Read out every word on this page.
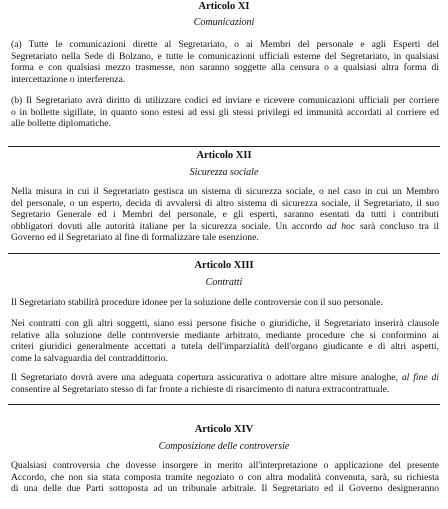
Articolo XI
Comunicazioni
(a) Tutte le comunicazioni dirette al Segretariato, o ai Membri del personale e agli Esperti del
Segretariato nella Sede di Bolzano, e tutte le comunicazioni ufficiali esterne del Segretariato, in qualsiasi
forma e con qualsiasi mezzo trasmesse, non saranno soggette alla censura o a qualsiasi altra forma di
intercettazione o interferenza.
(b) Il Segretariato avrà diritto di utilizzare codici ed inviare e ricevere comunicazioni ufficiali per corriere
o in bollette sigillate, in quanto sono estesi ad essi gli stessi privilegi ed immunità accordati al corriere ed
alle bollette diplomatiche.
Articolo XII
Sicurezza sociale
Nella misura in cui il Segretariato gestisca un sistema di sicurezza sociale, o nel caso in cui un Membro
del personale, o un esperto, decida di avvalersi di altro sistema di sicurezza sociale, il Segretariato, il suo
Segretario Generale ed i Membri del personale, e gli esperti, saranno esentati da tutti i contributi
obbligatori dovuti alle autorità italiane per la sicurezza sociale. Un accordo ad hoc sarà concluso tra il
Governo ed il Segretariato al fine di formalizzare tale esenzione.
Articolo XIII
Contratti
Il Segretariato stabilirà procedure idonee per la soluzione delle controversie con il suo personale.
Nei contratti con gli altri soggetti, siano essi persone fisiche o giuridiche, il Segretariato inserirà clausole
relative alla soluzione delle controversie mediante arbitrato, mediante procedure che si conformino ai
criteri giuridici generalmente accettati a tutela dell'imparzialità dell'organo giudicante e di altri aspetti,
come la salvaguardia del contraddittorio.
Il Segretariato dovrà avere una adeguata copertura assicurativa o adottare altre misure analoghe, al fine di
consentire al Segretariato stesso di far fronte a richieste di risarcimento di natura extracontrattuale.
Articolo XIV
Composizione delle controversie
Qualsiasi controversia che dovesse insorgere in merito all'interpretazione o applicazione del presente
Accordo, che non sia stata composta tramite negoziato o con altra modalità convenuta, sarà, su richiesta
di una delle due Parti sottoposta ad un tribunale arbitrale. Il Segretariato ed il Governo designeranno
